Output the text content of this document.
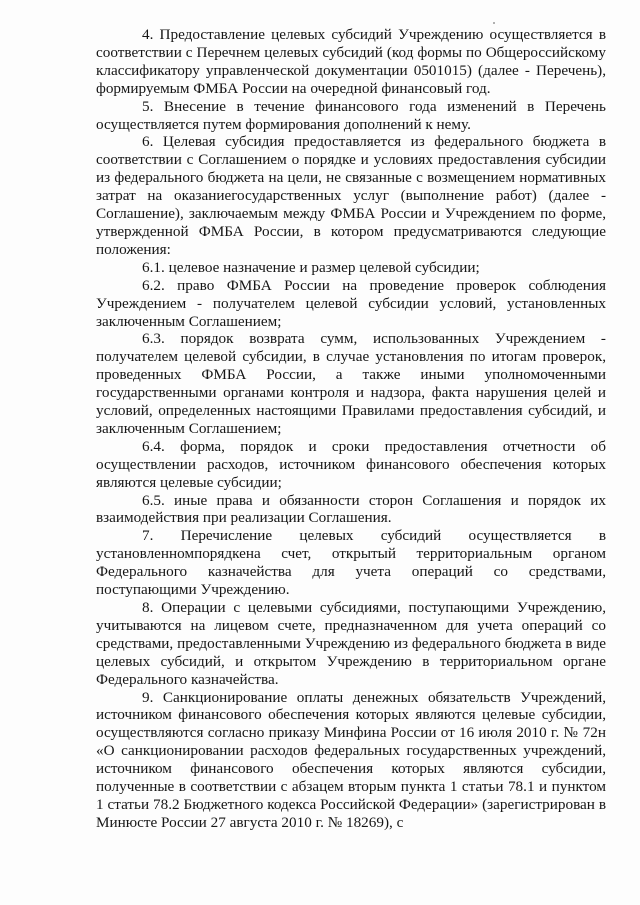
4. Предоставление целевых субсидий Учреждению осуществляется в соответствии с Перечнем целевых субсидий (код формы по Общероссийскому классификатору управленческой документации 0501015) (далее - Перечень), формируемым ФМБА России на очередной финансовый год.

5. Внесение в течение финансового года изменений в Перечень осуществляется путем формирования дополнений к нему.

6. Целевая субсидия предоставляется из федерального бюджета в соответствии с Соглашением о порядке и условиях предоставления субсидии из федерального бюджета на цели, не связанные с возмещением нормативных затрат на оказаниегосударственных услуг (выполнение работ) (далее - Соглашение), заключаемым между ФМБА России и Учреждением по форме, утвержденной ФМБА России, в котором предусматриваются следующие положения:

6.1. целевое назначение и размер целевой субсидии;

6.2. право ФМБА России на проведение проверок соблюдения Учреждением - получателем целевой субсидии условий, установленных заключенным Соглашением;

6.3. порядок возврата сумм, использованных Учреждением - получателем целевой субсидии, в случае установления по итогам проверок, проведенных ФМБА России, а также иными уполномоченными государственными органами контроля и надзора, факта нарушения целей и условий, определенных настоящими Правилами предоставления субсидий, и заключенным Соглашением;

6.4. форма, порядок и сроки предоставления отчетности об осуществлении расходов, источником финансового обеспечения которых являются целевые субсидии;

6.5. иные права и обязанности сторон Соглашения и порядок их взаимодействия при реализации Соглашения.

7. Перечисление целевых субсидий осуществляется в установленномпорядкена счет, открытый территориальным органом Федерального казначейства для учета операций со средствами, поступающими Учреждению.

8. Операции с целевыми субсидиями, поступающими Учреждению, учитываются на лицевом счете, предназначенном для учета операций со средствами, предоставленными Учреждению из федерального бюджета в виде целевых субсидий, и открытом Учреждению в территориальном органе Федерального казначейства.

9. Санкционирование оплаты денежных обязательств Учреждений, источником финансового обеспечения которых являются целевые субсидии, осуществляются согласно приказу Минфина России от 16 июля 2010 г. № 72н «О санкционировании расходов федеральных государственных учреждений, источником финансового обеспечения которых являются субсидии, полученные в соответствии с абзацем вторым пункта 1 статьи 78.1 и пунктом 1 статьи 78.2 Бюджетного кодекса Российской Федерации» (зарегистрирован в Минюсте России 27 августа 2010 г. № 18269), с
